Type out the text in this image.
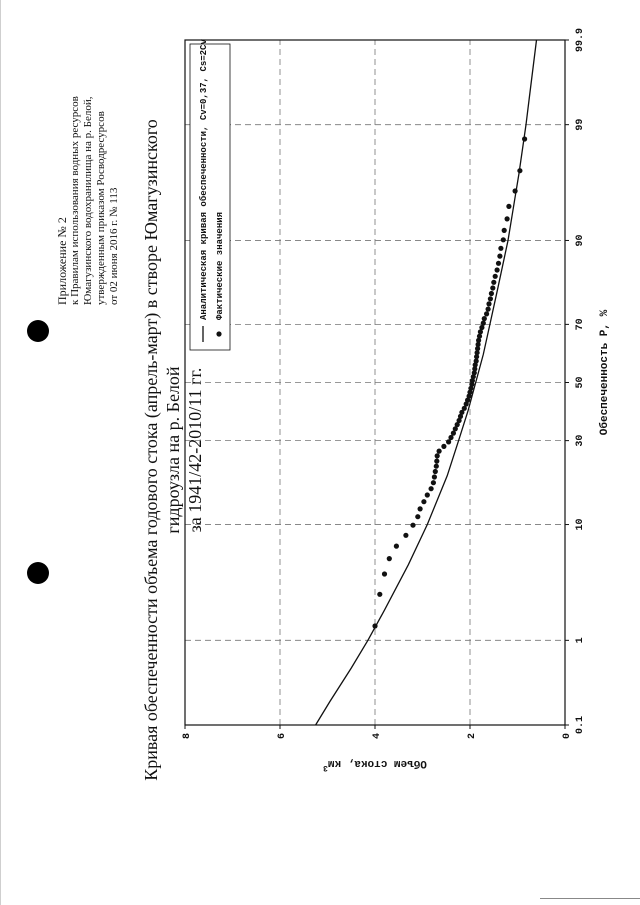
Приложение № 2 к Правилам использования водных ресурсов Юмагузинского водохранилища на р. Белой, утвержденным приказом Росводресурсов от 02 июня 2016 г. № 113 Кривая обеспеченности объема годового стока (апрель-март) в створе Юмагузинского гидроузла на р. Белой за 1941/42-2010/11 гг.
0.1
1
10
30
50
70
90
99
99.9
0
2
4
6
8
Обеспеченность P, %
Объем стока, $км^3$
Аналитическая кривая обеспеченности, Cv=0,37, Cs=2Cv Фактические значения
